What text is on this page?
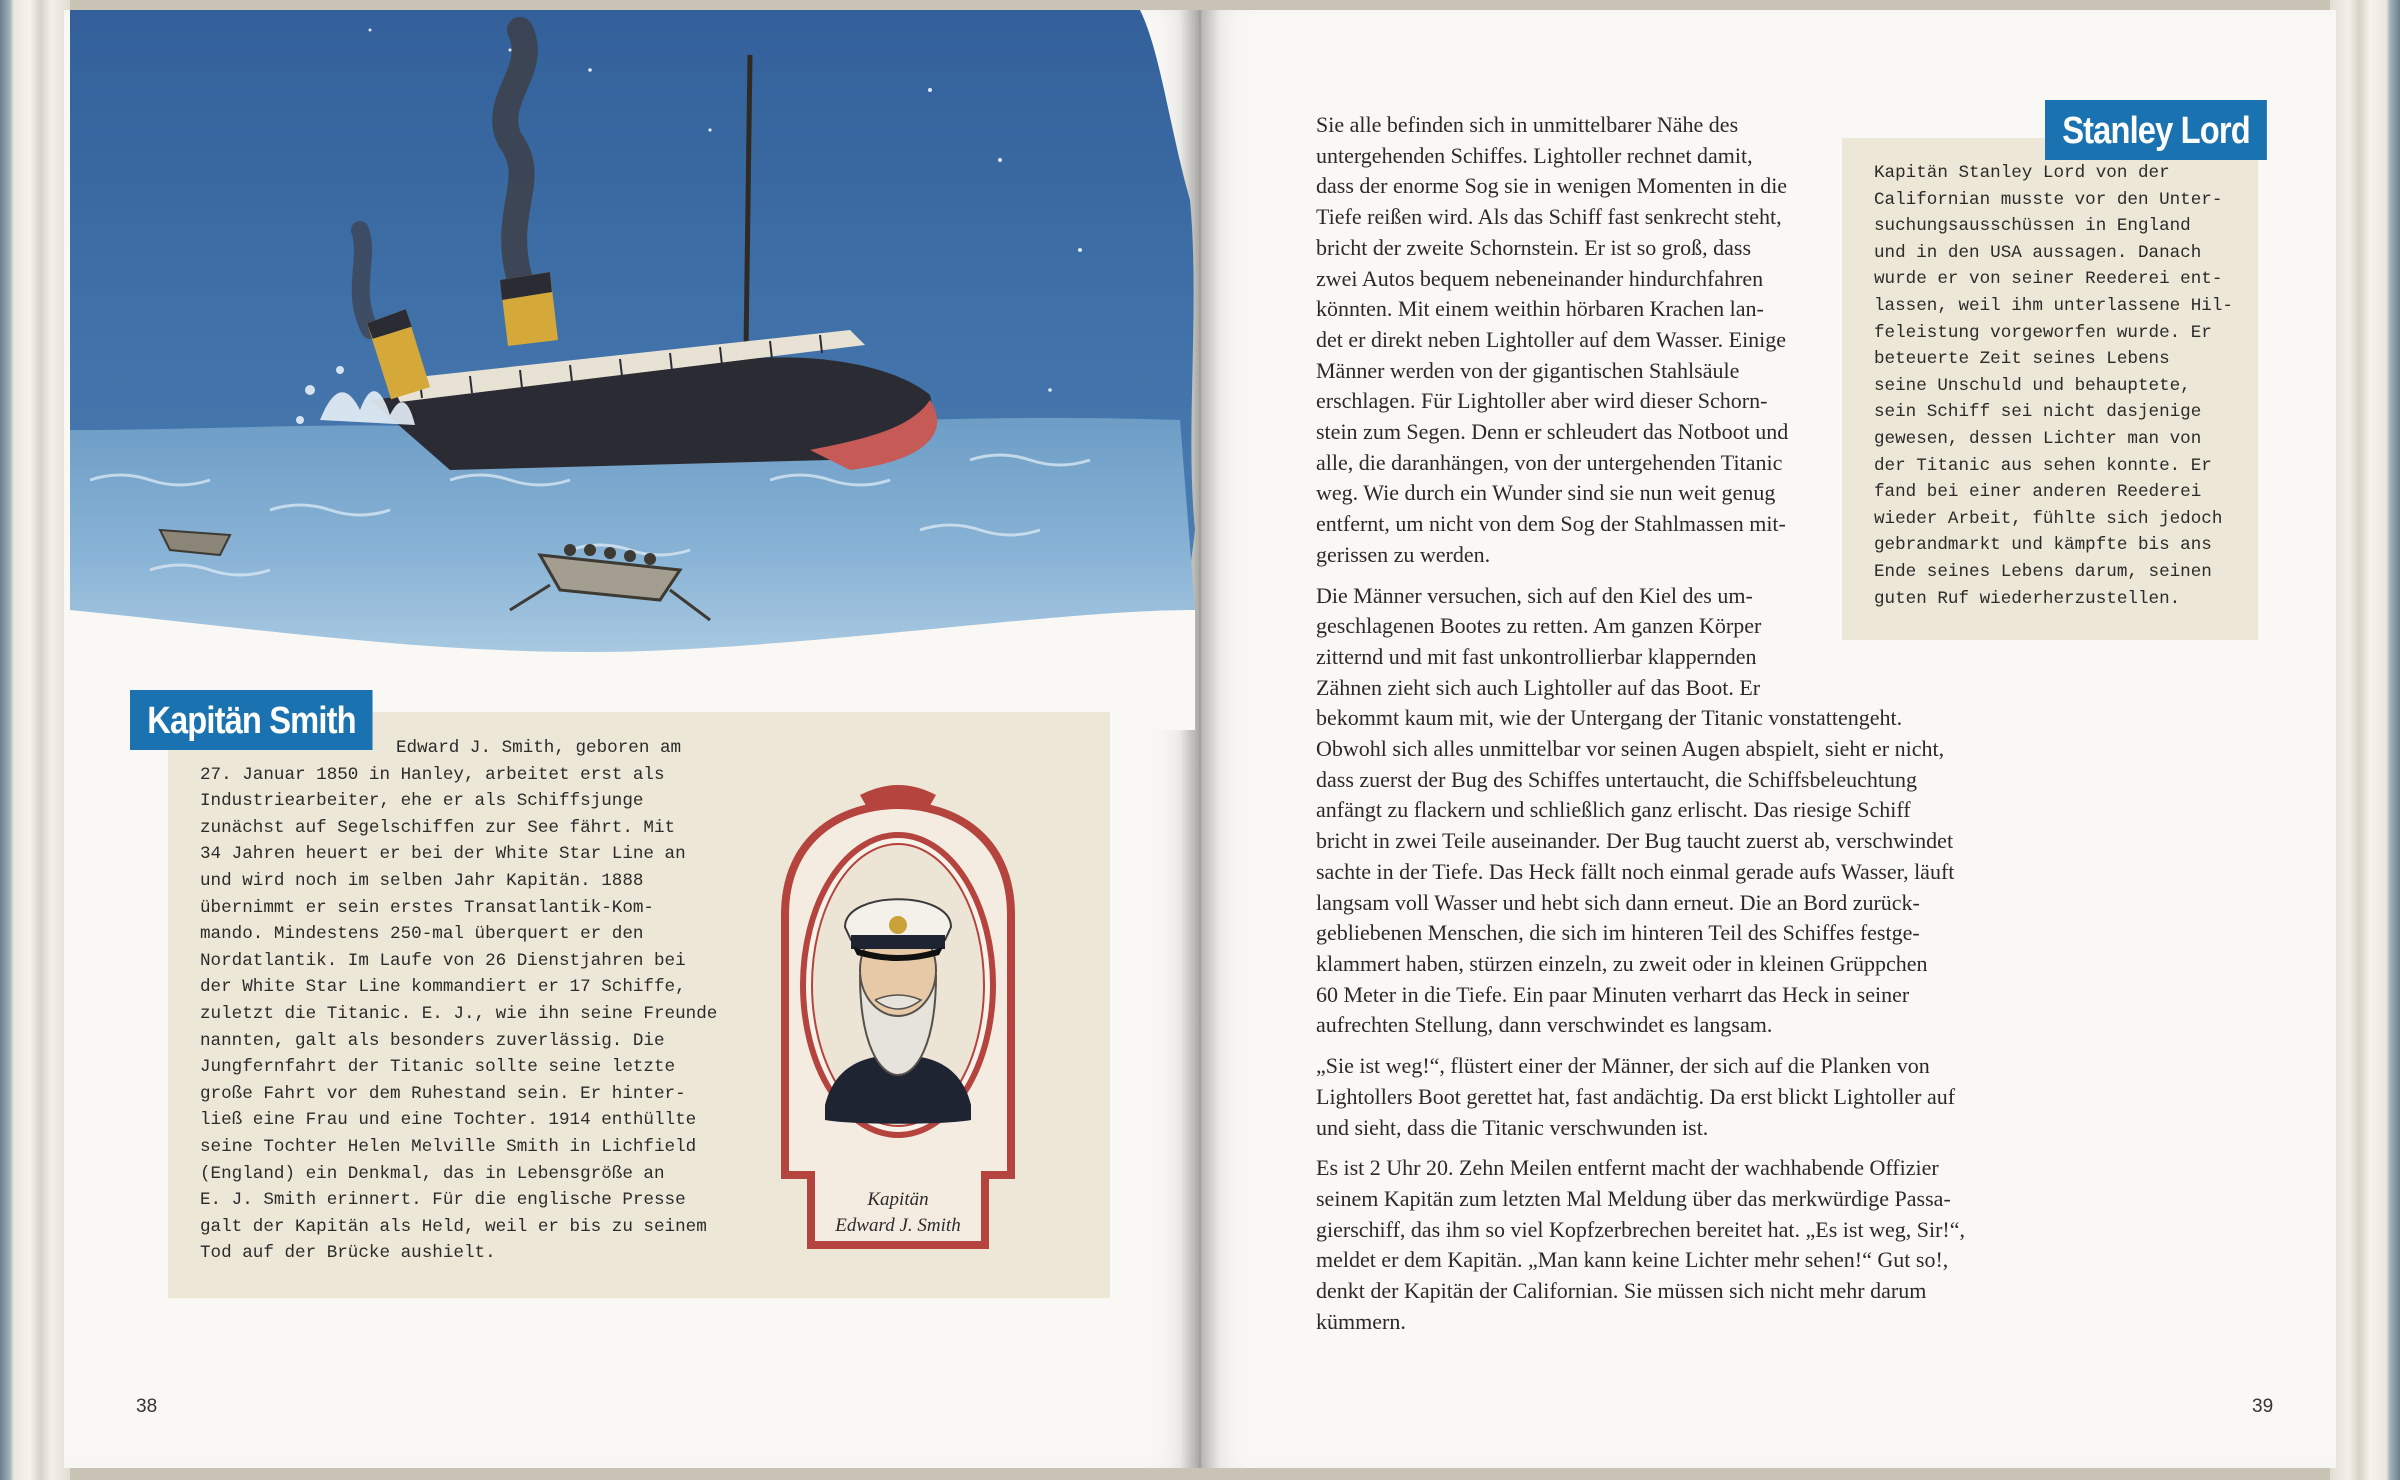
Kapitän Smith
Edward J. Smith, geboren am
27. Januar 1850 in Hanley, arbeitet erst als
Industriearbeiter, ehe er als Schiffsjunge
zunächst auf Segelschiffen zur See fährt. Mit
34 Jahren heuert er bei der White Star Line an
und wird noch im selben Jahr Kapitän. 1888
übernimmt er sein erstes Transatlantik-Kom-
mando. Mindestens 250-mal überquert er den
Nordatlantik. Im Laufe von 26 Dienstjahren bei
der White Star Line kommandiert er 17 Schiffe,
zuletzt die Titanic. E. J., wie ihn seine Freunde
nannten, galt als besonders zuverlässig. Die
Jungfernfahrt der Titanic sollte seine letzte
große Fahrt vor dem Ruhestand sein. Er hinter-
ließ eine Frau und eine Tochter. 1914 enthüllte
seine Tochter Helen Melville Smith in Lichfield
(England) ein Denkmal, das in Lebensgröße an
E. J. Smith erinnert. Für die englische Presse
galt der Kapitän als Held, weil er bis zu seinem
Tod auf der Brücke aushielt.
Kapitän
Edward J. Smith
Stanley Lord
Kapitän Stanley Lord von der
Californian musste vor den Unter-
suchungsausschüssen in England
und in den USA aussagen. Danach
wurde er von seiner Reederei ent-
lassen, weil ihm unterlassene Hil-
feleistung vorgeworfen wurde. Er
beteuerte Zeit seines Lebens
seine Unschuld und behauptete,
sein Schiff sei nicht dasjenige
gewesen, dessen Lichter man von
der Titanic aus sehen konnte. Er
fand bei einer anderen Reederei
wieder Arbeit, fühlte sich jedoch
gebrandmarkt und kämpfte bis ans
Ende seines Lebens darum, seinen
guten Ruf wiederherzustellen.
Sie alle befinden sich in unmittelbarer Nähe des
untergehenden Schiffes. Lightoller rechnet damit,
dass der enorme Sog sie in wenigen Momenten in die
Tiefe reißen wird. Als das Schiff fast senkrecht steht,
bricht der zweite Schornstein. Er ist so groß, dass
zwei Autos bequem nebeneinander hindurchfahren
könnten. Mit einem weithin hörbaren Krachen lan-
det er direkt neben Lightoller auf dem Wasser. Einige
Männer werden von der gigantischen Stahlsäule
erschlagen. Für Lightoller aber wird dieser Schorn-
stein zum Segen. Denn er schleudert das Notboot und
alle, die daranhängen, von der untergehenden Titanic
weg. Wie durch ein Wunder sind sie nun weit genug
entfernt, um nicht von dem Sog der Stahlmassen mit-
gerissen zu werden.
Die Männer versuchen, sich auf den Kiel des um-
geschlagenen Bootes zu retten. Am ganzen Körper
zitternd und mit fast unkontrollierbar klappernden
Zähnen zieht sich auch Lightoller auf das Boot. Er
bekommt kaum mit, wie der Untergang der Titanic vonstattengeht.
Obwohl sich alles unmittelbar vor seinen Augen abspielt, sieht er nicht,
dass zuerst der Bug des Schiffes untertaucht, die Schiffsbeleuchtung
anfängt zu flackern und schließlich ganz erlischt. Das riesige Schiff
bricht in zwei Teile auseinander. Der Bug taucht zuerst ab, verschwindet
sachte in der Tiefe. Das Heck fällt noch einmal gerade aufs Wasser, läuft
langsam voll Wasser und hebt sich dann erneut. Die an Bord zurück-
gebliebenen Menschen, die sich im hinteren Teil des Schiffes festge-
klammert haben, stürzen einzeln, zu zweit oder in kleinen Grüppchen
60 Meter in die Tiefe. Ein paar Minuten verharrt das Heck in seiner
aufrechten Stellung, dann verschwindet es langsam.
„Sie ist weg!“, flüstert einer der Männer, der sich auf die Planken von
Lightollers Boot gerettet hat, fast andächtig. Da erst blickt Lightoller auf
und sieht, dass die Titanic verschwunden ist.
Es ist 2 Uhr 20. Zehn Meilen entfernt macht der wachhabende Offizier
seinem Kapitän zum letzten Mal Meldung über das merkwürdige Passa-
gierschiff, das ihm so viel Kopfzerbrechen bereitet hat. „Es ist weg, Sir!“,
meldet er dem Kapitän. „Man kann keine Lichter mehr sehen!“ Gut so!,
denkt der Kapitän der Californian. Sie müssen sich nicht mehr darum
kümmern.
38	39
